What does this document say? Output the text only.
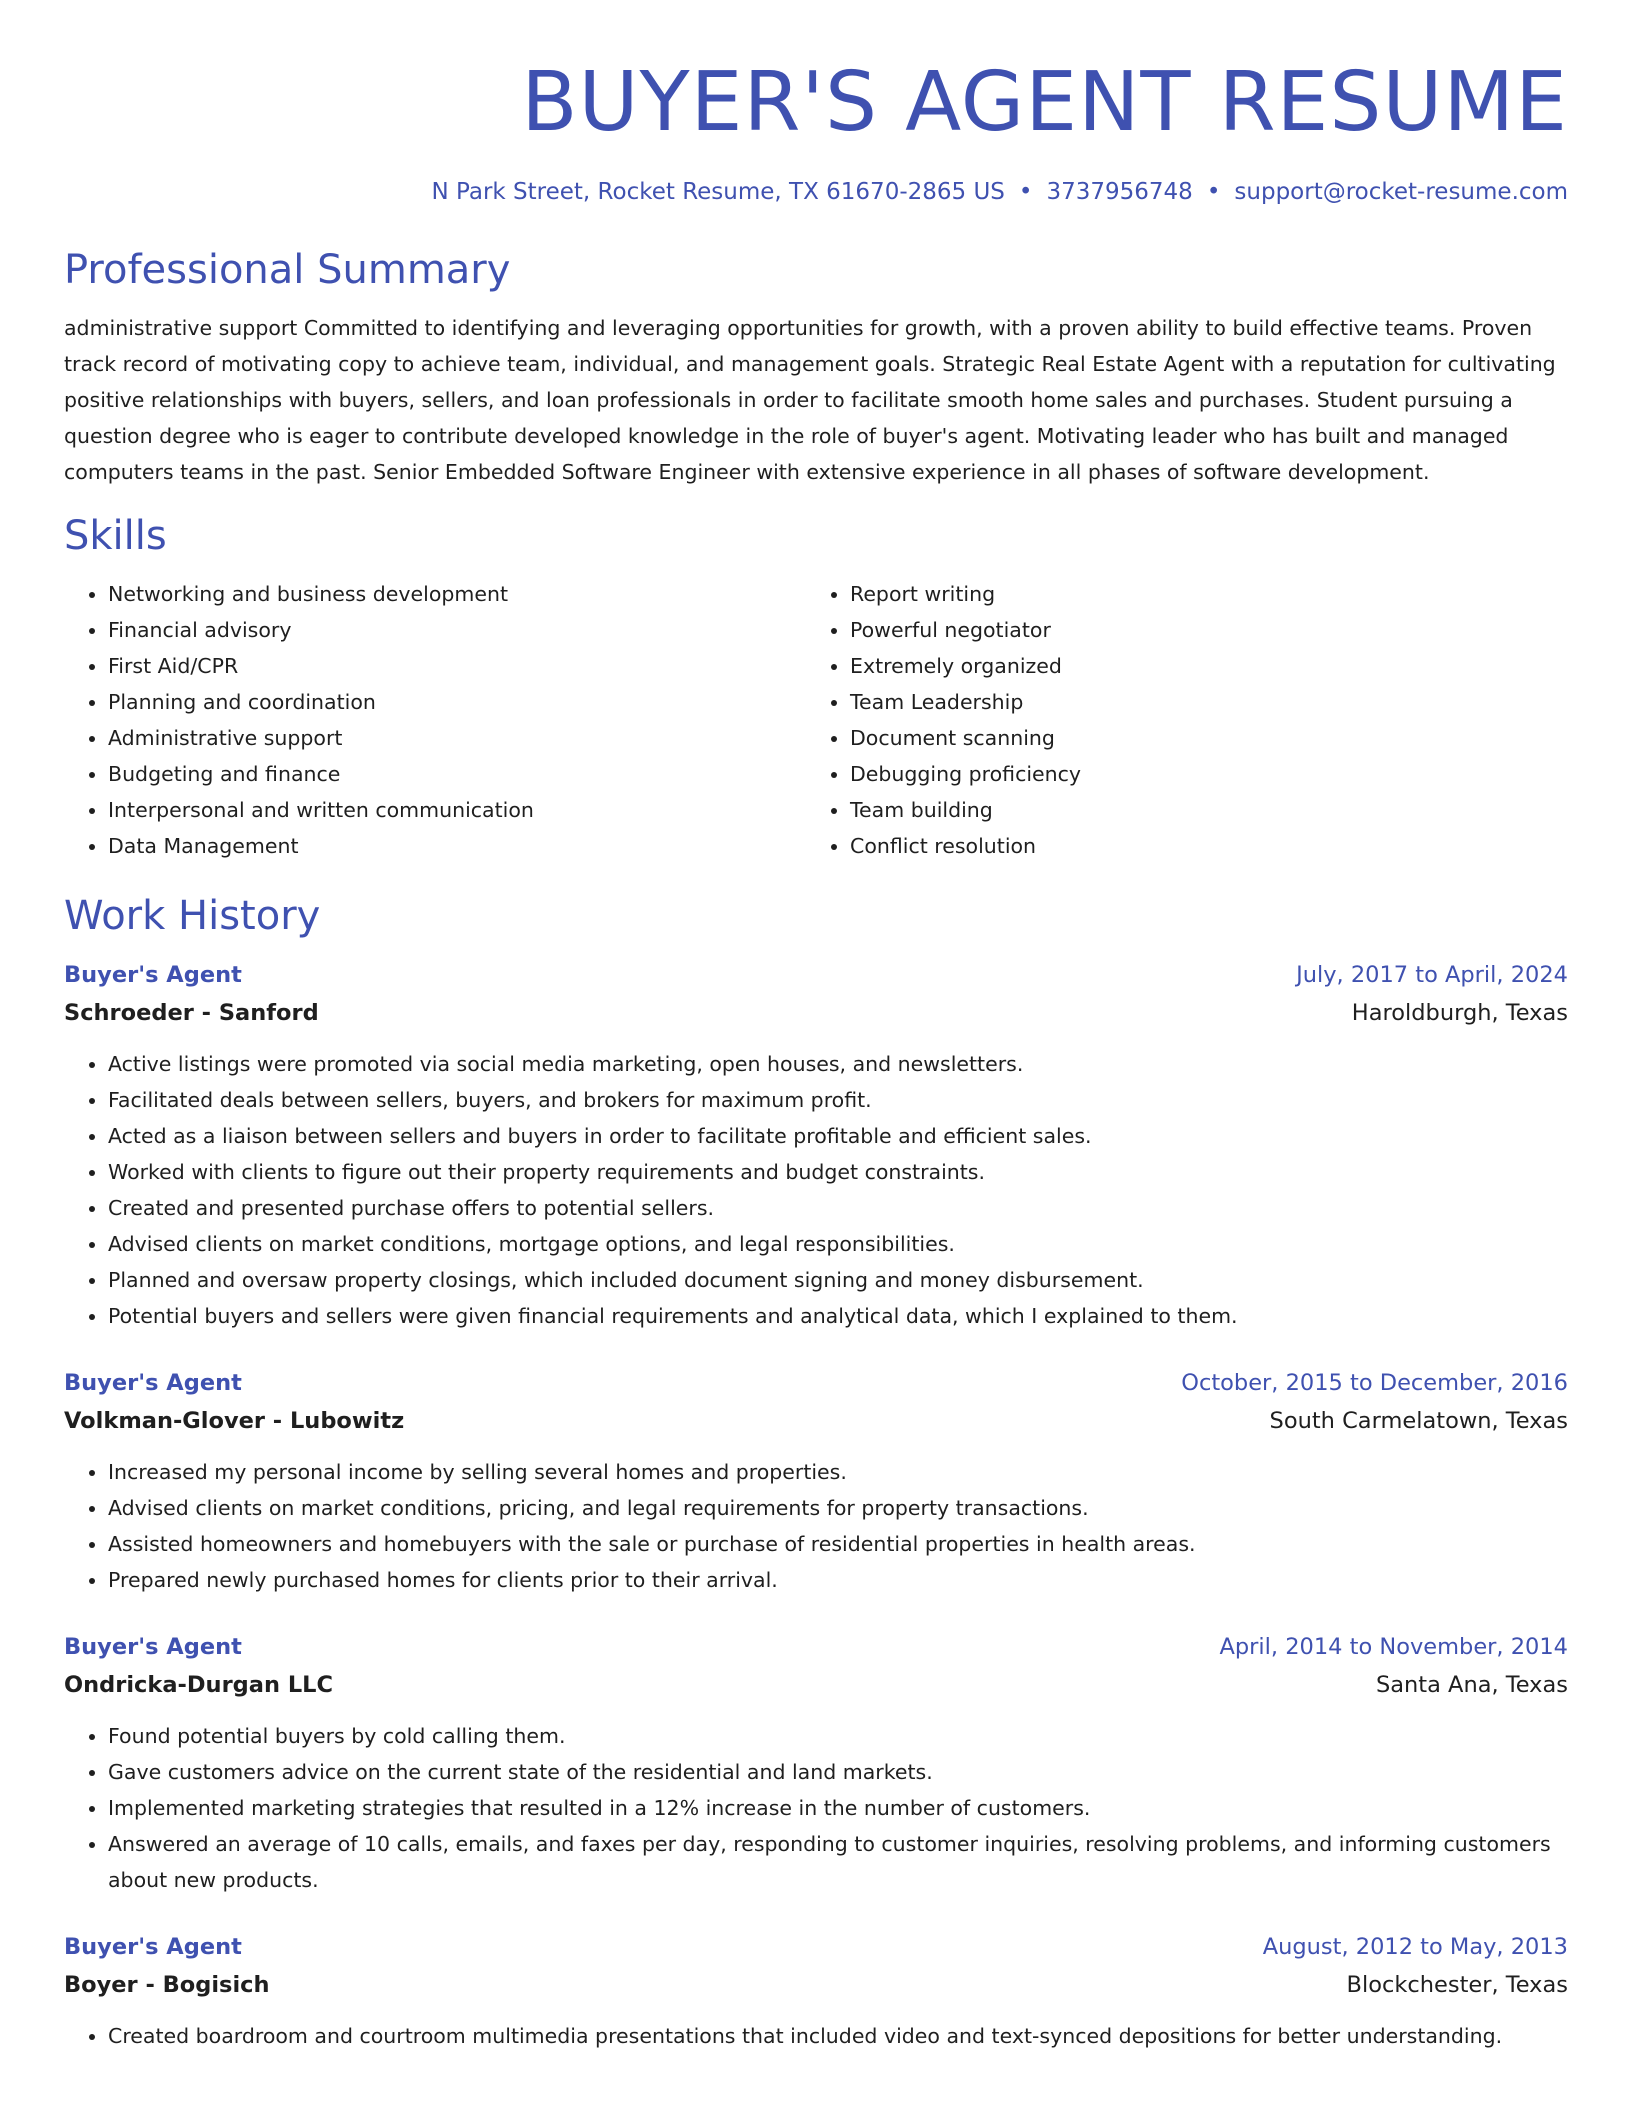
BUYER'S AGENT RESUME
N Park Street, Rocket Resume, TX 61670-2865 US • 3737956748 • support@rocket-resume.com
Professional Summary

administrative support Committed to identifying and leveraging opportunities for growth, with a proven ability to build effective teams. Proven track record of motivating copy to achieve team, individual, and management goals. Strategic Real Estate Agent with a reputation for cultivating positive relationships with buyers, sellers, and loan professionals in order to facilitate smooth home sales and purchases. Student pursuing a question degree who is eager to contribute developed knowledge in the role of buyer's agent. Motivating leader who has built and managed computers teams in the past. Senior Embedded Software Engineer with extensive experience in all phases of software development.

Skills
• Networking and business development
• Financial advisory
• First Aid/CPR
• Planning and coordination
• Administrative support
• Budgeting and finance
• Interpersonal and written communication
• Data Management
• Report writing
• Powerful negotiator
• Extremely organized
• Team Leadership
• Document scanning
• Debugging proficiency
• Team building
• Conflict resolution
Work History
Buyer's Agent	July, 2017 to April, 2024
Schroeder - Sanford	Haroldburgh, Texas
• Active listings were promoted via social media marketing, open houses, and newsletters.
• Facilitated deals between sellers, buyers, and brokers for maximum profit.
• Acted as a liaison between sellers and buyers in order to facilitate profitable and efficient sales.
• Worked with clients to figure out their property requirements and budget constraints.
• Created and presented purchase offers to potential sellers.
• Advised clients on market conditions, mortgage options, and legal responsibilities.
• Planned and oversaw property closings, which included document signing and money disbursement.
• Potential buyers and sellers were given financial requirements and analytical data, which I explained to them.
Buyer's Agent	October, 2015 to December, 2016
Volkman-Glover - Lubowitz	South Carmelatown, Texas
• Increased my personal income by selling several homes and properties.
• Advised clients on market conditions, pricing, and legal requirements for property transactions.
• Assisted homeowners and homebuyers with the sale or purchase of residential properties in health areas.
• Prepared newly purchased homes for clients prior to their arrival.
Buyer's Agent	April, 2014 to November, 2014
Ondricka-Durgan LLC	Santa Ana, Texas
• Found potential buyers by cold calling them.
• Gave customers advice on the current state of the residential and land markets.
• Implemented marketing strategies that resulted in a 12% increase in the number of customers.
• Answered an average of 10 calls, emails, and faxes per day, responding to customer inquiries, resolving problems, and informing customers about new products.
Buyer's Agent	August, 2012 to May, 2013
Boyer - Bogisich	Blockchester, Texas
• Created boardroom and courtroom multimedia presentations that included video and text-synced depositions for better understanding.
